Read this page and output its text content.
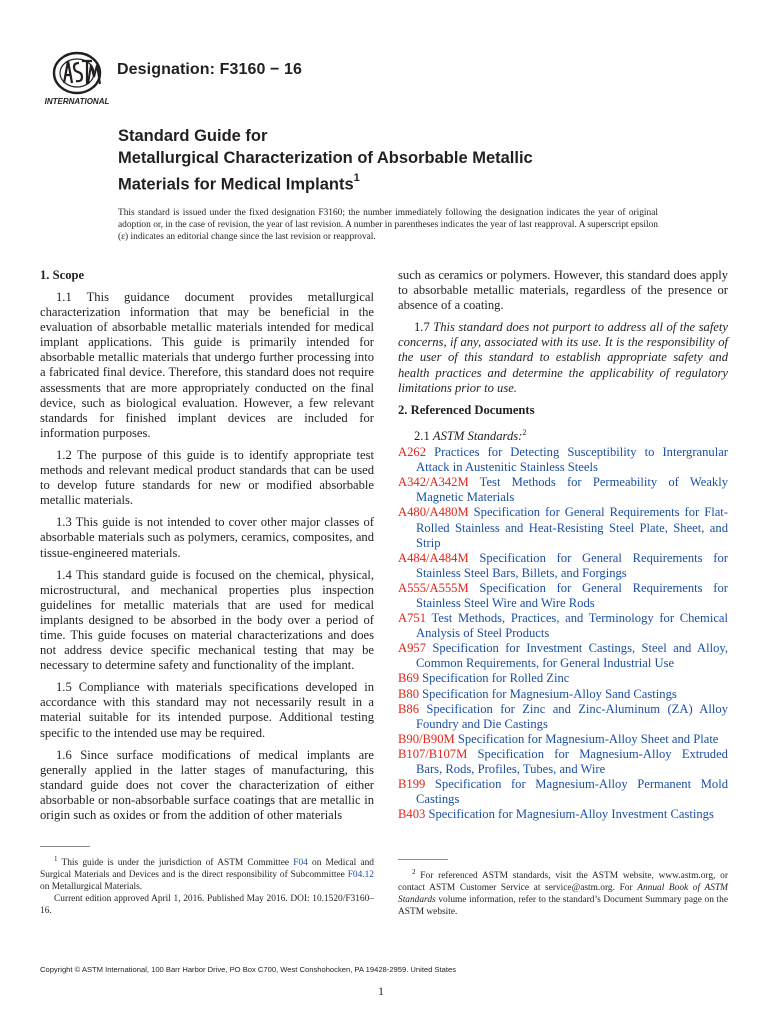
INTERNATIONAL
Designation: F3160 − 16
Standard Guide for
Metallurgical Characterization of Absorbable Metallic
Materials for Medical Implants$^1$
This standard is issued under the fixed designation F3160; the number immediately following the designation indicates the year of original adoption or, in the case of revision, the year of last revision. A number in parentheses indicates the year of last reapproval. A superscript epsilon (ε) indicates an editorial change since the last revision or reapproval.
1. Scope

1.1 This guidance document provides metallurgical characterization information that may be beneficial in the evaluation of absorbable metallic materials intended for medical implant applications. This guide is primarily intended for absorbable metallic materials that undergo further processing into a fabricated final device. Therefore, this standard does not require assessments that are more appropriately conducted on the final device, such as biological evaluation. However, a few relevant standards for finished implant devices are included for information purposes.

1.2 The purpose of this guide is to identify appropriate test methods and relevant medical product standards that can be used to develop future standards for new or modified absorbable metallic materials.

1.3 This guide is not intended to cover other major classes of absorbable materials such as polymers, ceramics, composites, and tissue-engineered materials.

1.4 This standard guide is focused on the chemical, physical, microstructural, and mechanical properties plus inspection guidelines for metallic materials that are used for medical implants designed to be absorbed in the body over a period of time. This guide focuses on material characterizations and does not address device specific mechanical testing that may be necessary to determine safety and functionality of the implant.

1.5 Compliance with materials specifications developed in accordance with this standard may not necessarily result in a material suitable for its intended purpose. Additional testing specific to the intended use may be required.

1.6 Since surface modifications of medical implants are generally applied in the latter stages of manufacturing, this standard guide does not cover the characterization of either absorbable or non-absorbable surface coatings that are metallic in origin such as oxides or from the addition of other materials

such as ceramics or polymers. However, this standard does apply to absorbable metallic materials, regardless of the presence or absence of a coating.

1.7 This standard does not purport to address all of the safety concerns, if any, associated with its use. It is the responsibility of the user of this standard to establish appropriate safety and health practices and determine the applicability of regulatory limitations prior to use.

2. Referenced Documents
2.1 ASTM Standards:$^2$
A262 Practices for Detecting Susceptibility to Intergranular Attack in Austenitic Stainless Steels
A342/A342M Test Methods for Permeability of Weakly Magnetic Materials
A480/A480M Specification for General Requirements for Flat-Rolled Stainless and Heat-Resisting Steel Plate, Sheet, and Strip
A484/A484M Specification for General Requirements for Stainless Steel Bars, Billets, and Forgings
A555/A555M Specification for General Requirements for Stainless Steel Wire and Wire Rods
A751 Test Methods, Practices, and Terminology for Chemical Analysis of Steel Products
A957 Specification for Investment Castings, Steel and Alloy, Common Requirements, for General Industrial Use
B69 Specification for Rolled Zinc
B80 Specification for Magnesium-Alloy Sand Castings
B86 Specification for Zinc and Zinc-Aluminum (ZA) Alloy Foundry and Die Castings
B90/B90M Specification for Magnesium-Alloy Sheet and Plate
B107/B107M Specification for Magnesium-Alloy Extruded Bars, Rods, Profiles, Tubes, and Wire
B199 Specification for Magnesium-Alloy Permanent Mold Castings
B403 Specification for Magnesium-Alloy Investment Castings

$^1$ This guide is under the jurisdiction of ASTM Committee F04 on Medical and Surgical Materials and Devices and is the direct responsibility of Subcommittee F04.12 on Metallurgical Materials.

Current edition approved April 1, 2016. Published May 2016. DOI: 10.1520/F3160–16.

$^2$ For referenced ASTM standards, visit the ASTM website, www.astm.org, or contact ASTM Customer Service at service@astm.org. For Annual Book of ASTM Standards volume information, refer to the standard’s Document Summary page on the ASTM website.

Copyright © ASTM International, 100 Barr Harbor Drive, PO Box C700, West Conshohocken, PA 19428-2959. United States
1
